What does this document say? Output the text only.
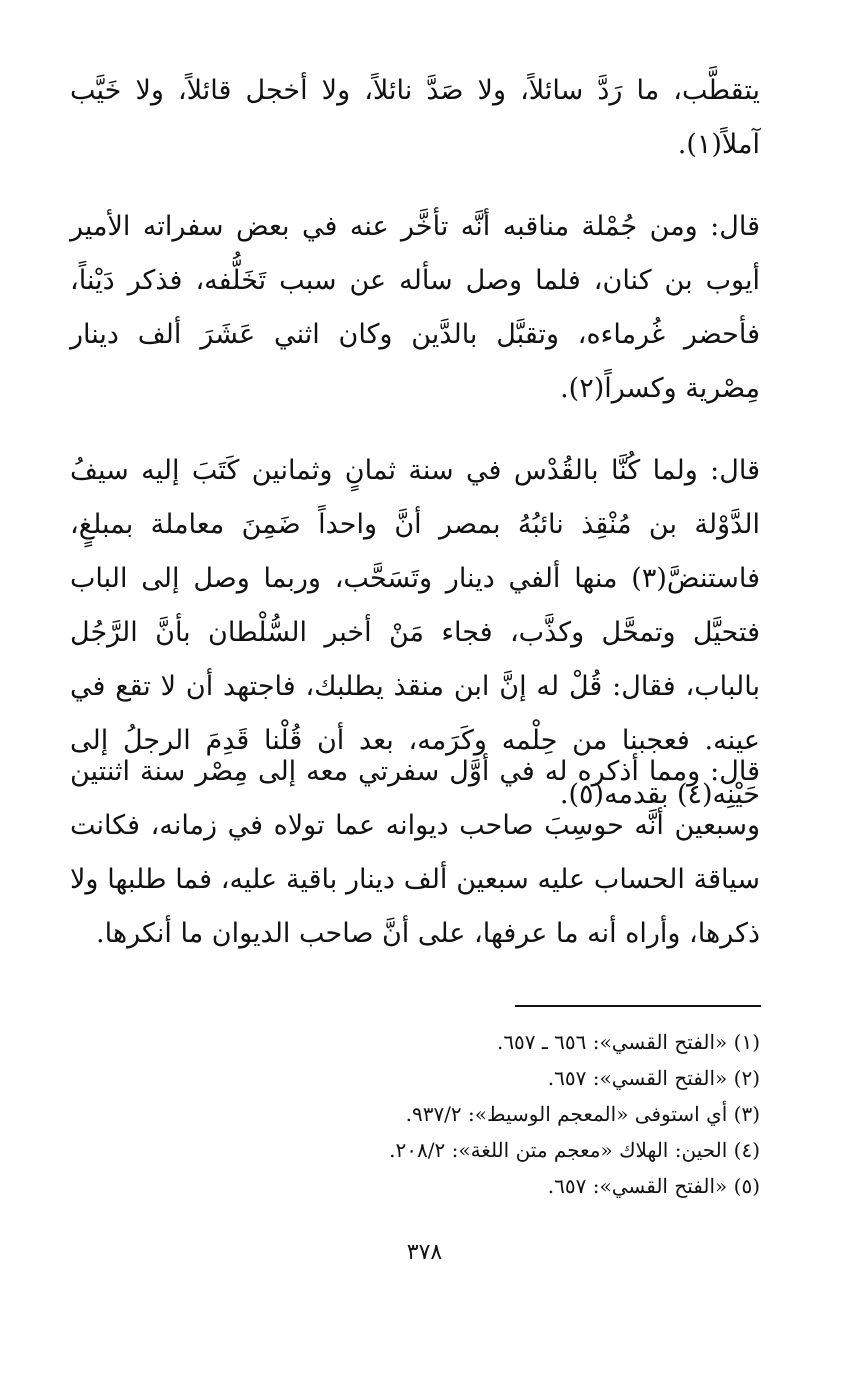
يتقطَّب، ما رَدَّ سائلاً، ولا صَدَّ نائلاً، ولا أخجل قائلاً، ولا خَيَّب آملاً(١).

قال: ومن جُمْلة مناقبه أنَّه تأخَّر عنه في بعض سفراته الأمير أيوب بن كنان، فلما وصل سأله عن سبب تَخَلُّفه، فذكر دَيْناً، فأحضر غُرماءه، وتقبَّل بالدَّين وكان اثني عَشَرَ ألف دينار مِصْرية وكسراً(٢).

قال: ولما كُنَّا بالقُدْس في سنة ثمانٍ وثمانين كَتَبَ إليه سيفُ الدَّوْلة بن مُنْقِذ نائبُهُ بمصر أنَّ واحداً ضَمِنَ معاملة بمبلغٍ، فاستنضَّ(٣) منها ألفي دينار وتَسَحَّب، وربما وصل إلى الباب فتحيَّل وتمحَّل وكذَّب، فجاء مَنْ أخبر السُّلْطان بأنَّ الرَّجُل بالباب، فقال: قُلْ له إنَّ ابن منقذ يطلبك، فاجتهد أن لا تقع في عينه. فعجبنا من حِلْمه وكَرَمه، بعد أن قُلْنا قَدِمَ الرجلُ إلى حَيْنِه(٤) بقدمه(٥).

قال: ومما أذكره له في أوَّل سفرتي معه إلى مِصْر سنة اثنتين وسبعين أنَّه حوسِبَ صاحب ديوانه عما تولاه في زمانه، فكانت سياقة الحساب عليه سبعين ألف دينار باقية عليه، فما طلبها ولا ذكرها، وأراه أنه ما عرفها، على أنَّ صاحب الديوان ما أنكرها.

(١) «الفتح القسي»: ٦٥٦ ـ ٦٥٧.

(٢) «الفتح القسي»: ٦٥٧.

(٣) أي استوفى «المعجم الوسيط»: ٩٣٧/٢.

(٤) الحين: الهلاك «معجم متن اللغة»: ٢٠٨/٢.

(٥) «الفتح القسي»: ٦٥٧.

٣٧٨
